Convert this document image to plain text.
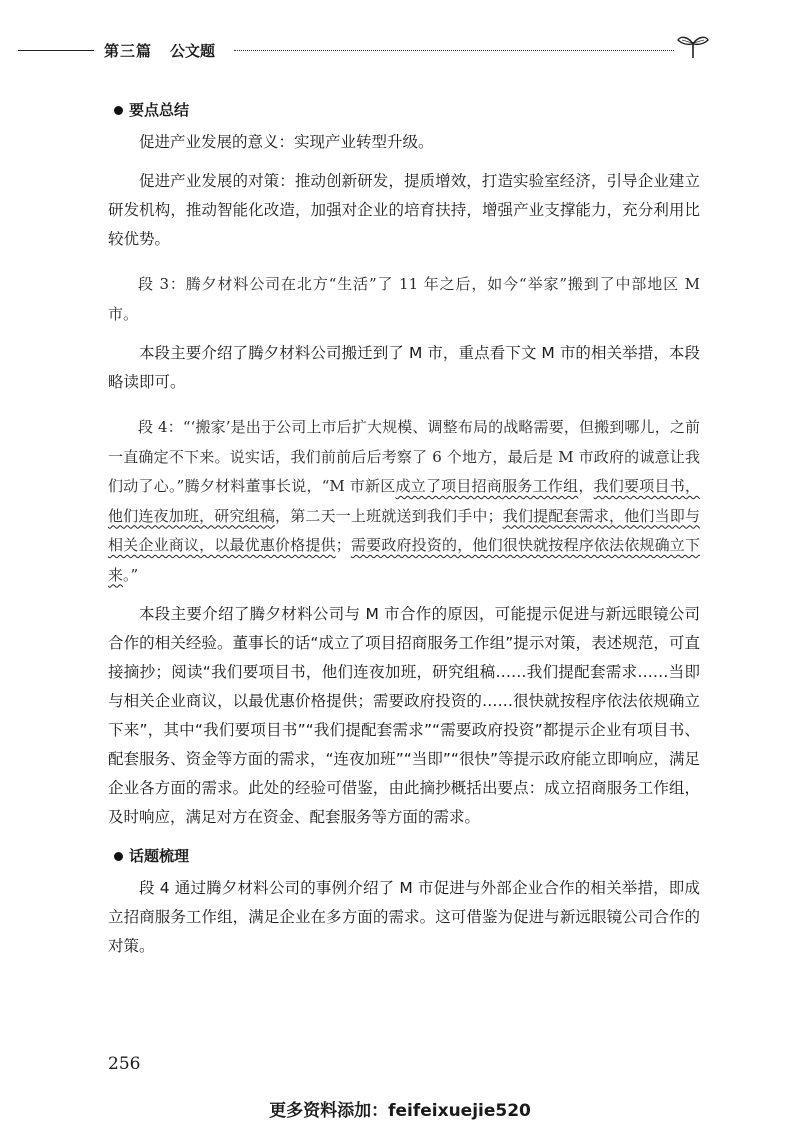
第三篇 公文题
要点总结

促进产业发展的意义：实现产业转型升级。

促进产业发展的对策：推动创新研发，提质增效，打造实验室经济，引导企业建立研发机构，推动智能化改造，加强对企业的培育扶持，增强产业支撑能力，充分利用比较优势。

段 3：腾夕材料公司在北方“生活”了 11 年之后，如今“举家”搬到了中部地区 M 市。

本段主要介绍了腾夕材料公司搬迁到了 M 市，重点看下文 M 市的相关举措，本段略读即可。

段 4：“‘搬家’是出于公司上市后扩大规模、调整布局的战略需要，但搬到哪儿，之前一直确定不下来。说实话，我们前前后后考察了 6 个地方，最后是 M 市政府的诚意让我们动了心。”腾夕材料董事长说，“M 市新区成立了项目招商服务工作组，我们要项目书，他们连夜加班，研究组稿，第二天一上班就送到我们手中；我们提配套需求，他们当即与相关企业商议，以最优惠价格提供；需要政府投资的，他们很快就按程序依法依规确立下来。”

本段主要介绍了腾夕材料公司与 M 市合作的原因，可能提示促进与新远眼镜公司合作的相关经验。董事长的话“成立了项目招商服务工作组”提示对策，表述规范，可直接摘抄；阅读“我们要项目书，他们连夜加班，研究组稿……我们提配套需求……当即与相关企业商议，以最优惠价格提供；需要政府投资的……很快就按程序依法依规确立下来”，其中“我们要项目书”“我们提配套需求”“需要政府投资”都提示企业有项目书、配套服务、资金等方面的需求，“连夜加班”“当即”“很快”等提示政府能立即响应，满足企业各方面的需求。此处的经验可借鉴，由此摘抄概括出要点：成立招商服务工作组，及时响应，满足对方在资金、配套服务等方面的需求。

话题梳理

段 4 通过腾夕材料公司的事例介绍了 M 市促进与外部企业合作的相关举措，即成立招商服务工作组，满足企业在多方面的需求。这可借鉴为促进与新远眼镜公司合作的对策。

256
更多资料添加：feifeixuejie520
